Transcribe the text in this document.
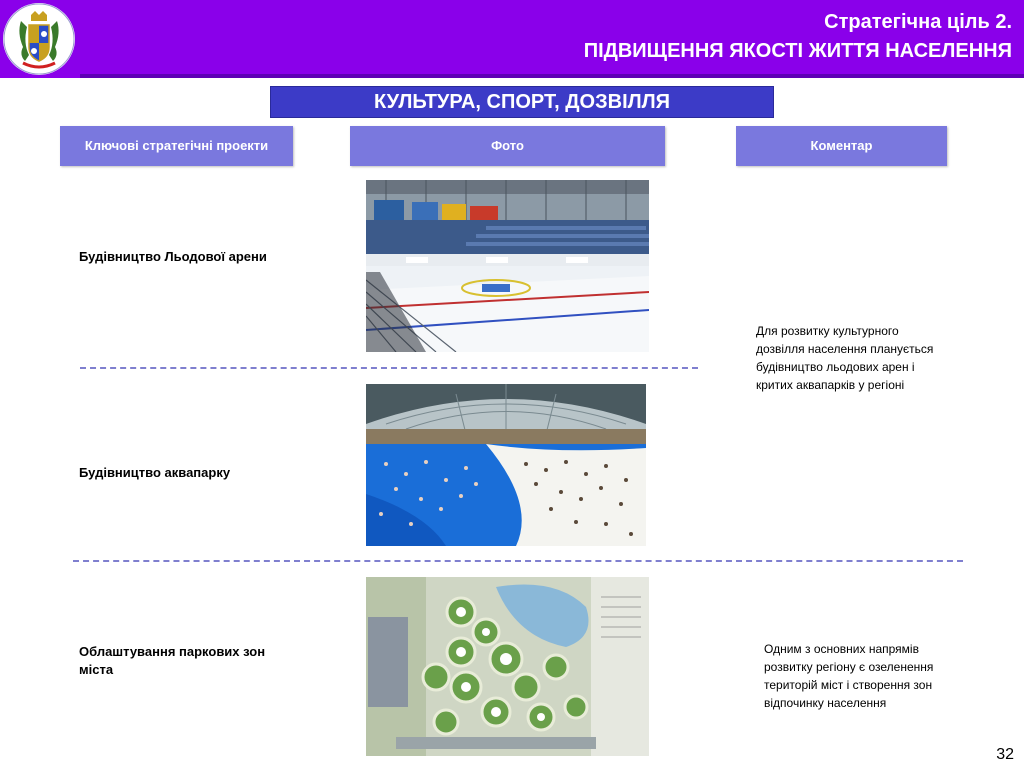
Стратегічна ціль 2.
ПІДВИЩЕННЯ ЯКОСТІ ЖИТТЯ НАСЕЛЕННЯ
КУЛЬТУРА, СПОРТ, ДОЗВІЛЛЯ
Ключові стратегічні проекти	Фото	Коментар
Будівництво Льодової арени
Будівництво аквапарку
Облаштування паркових зон міста
Для розвитку культурного дозвілля населення планується будівництво льодових арен і критих аквапарків у регіоні
Одним з основних напрямів розвитку регіону є озеленення територій міст і створення зон відпочинку населення
32
